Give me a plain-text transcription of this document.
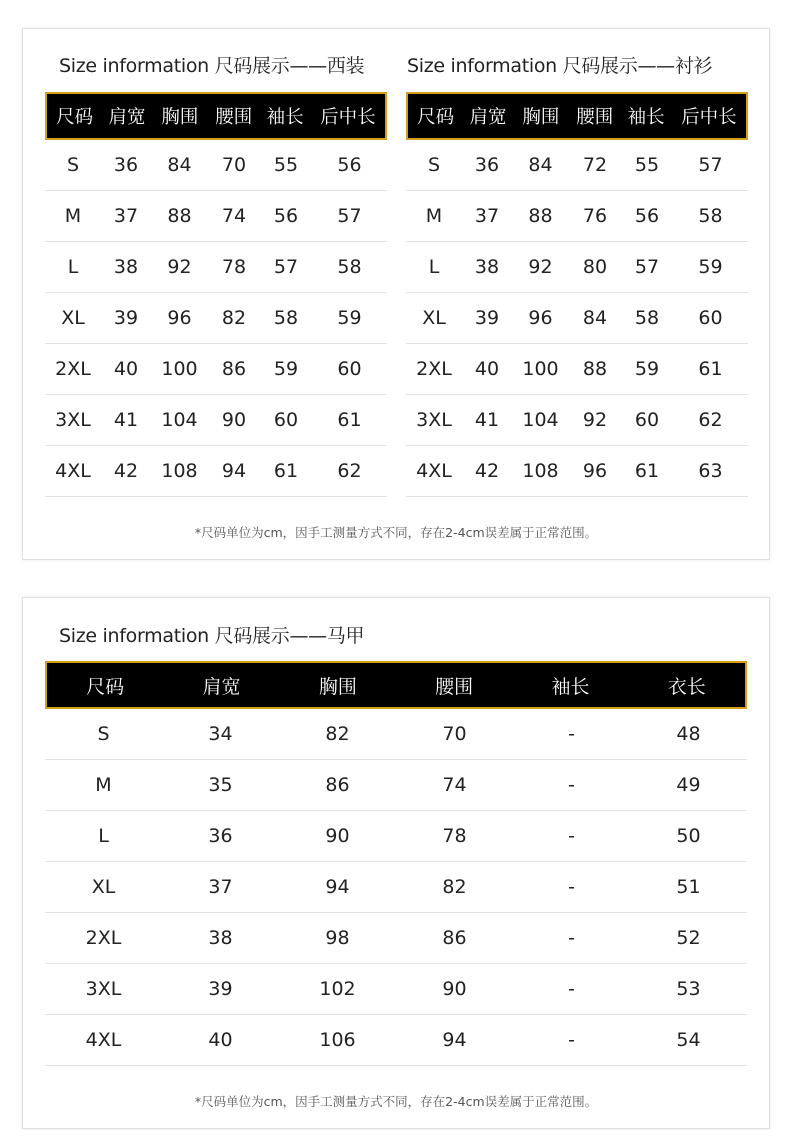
Size information 尺码展示——西装 Size information 尺码展示——衬衫
尺码 肩宽 胸围 腰围 袖长 后中长
S	36	84	70	55	56
M	37	88	74	56	57
L	38	92	78	57	58
XL	39	96	82	58	59
2XL	40	100	86	59	60
3XL	41	104	90	60	61
4XL	42	108	94	61	62
尺码 肩宽 胸围 腰围 袖长 后中长
S	36	84	72	55	57
M	37	88	76	56	58
L	38	92	80	57	59
XL	39	96	84	58	60
2XL	40	100	88	59	61
3XL	41	104	92	60	62
4XL	42	108	96	61	63
*尺码单位为cm，因手工测量方式不同，存在2-4cm误差属于正常范围。
Size information 尺码展示——马甲
尺码	肩宽	胸围	腰围	袖长	衣长
S	34	82	70	-	48
M	35	86	74	-	49
L	36	90	78	-	50
XL	37	94	82	-	51
2XL	38	98	86	-	52
3XL	39	102	90	-	53
4XL	40	106	94	-	54
*尺码单位为cm，因手工测量方式不同，存在2-4cm误差属于正常范围。
